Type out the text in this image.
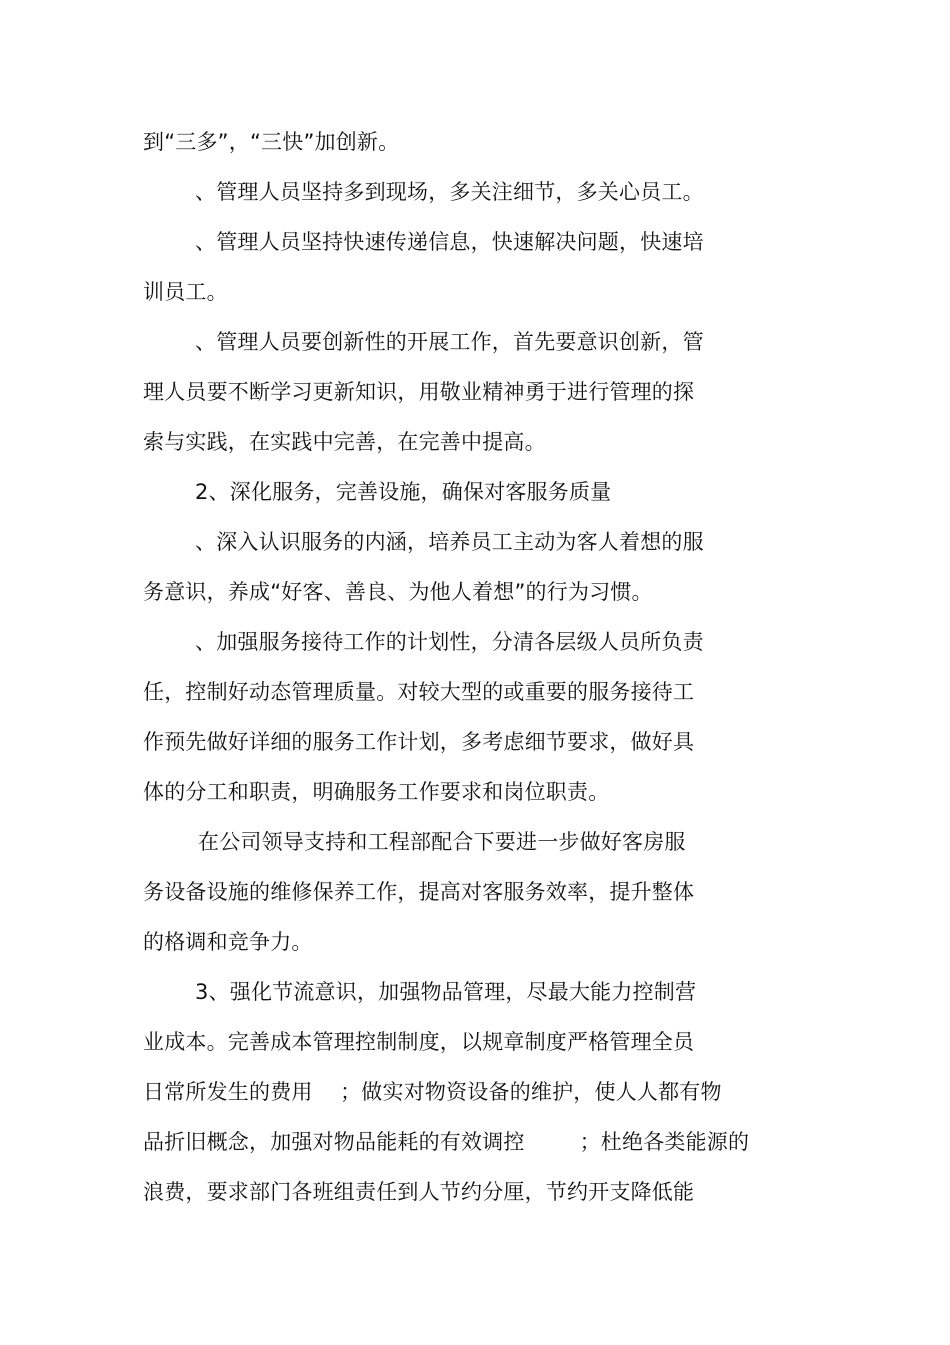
到“三多”，“三快”加创新。
、管理人员坚持多到现场，多关注细节，多关心员工。
、管理人员坚持快速传递信息，快速解决问题，快速培
训员工。
、管理人员要创新性的开展工作，首先要意识创新，管
理人员要不断学习更新知识，用敬业精神勇于进行管理的探
索与实践，在实践中完善，在完善中提高。
2、深化服务，完善设施，确保对客服务质量
、深入认识服务的内涵，培养员工主动为客人着想的服
务意识，养成“好客、善良、为他人着想”的行为习惯。
、加强服务接待工作的计划性，分清各层级人员所负责
任，控制好动态管理质量。对较大型的或重要的服务接待工
作预先做好详细的服务工作计划，多考虑细节要求，做好具
体的分工和职责，明确服务工作要求和岗位职责。
在公司领导支持和工程部配合下要进一步做好客房服
务设备设施的维修保养工作，提高对客服务效率，提升整体
的格调和竞争力。
3、强化节流意识，加强物品管理，尽最大能力控制营
业成本。完善成本管理控制制度，以规章制度严格管理全员
日常所发生的费用    ；做实对物资设备的维护，使人人都有物
品折旧概念，加强对物品能耗的有效调控        ；杜绝各类能源的
浪费，要求部门各班组责任到人节约分厘，节约开支降低能
